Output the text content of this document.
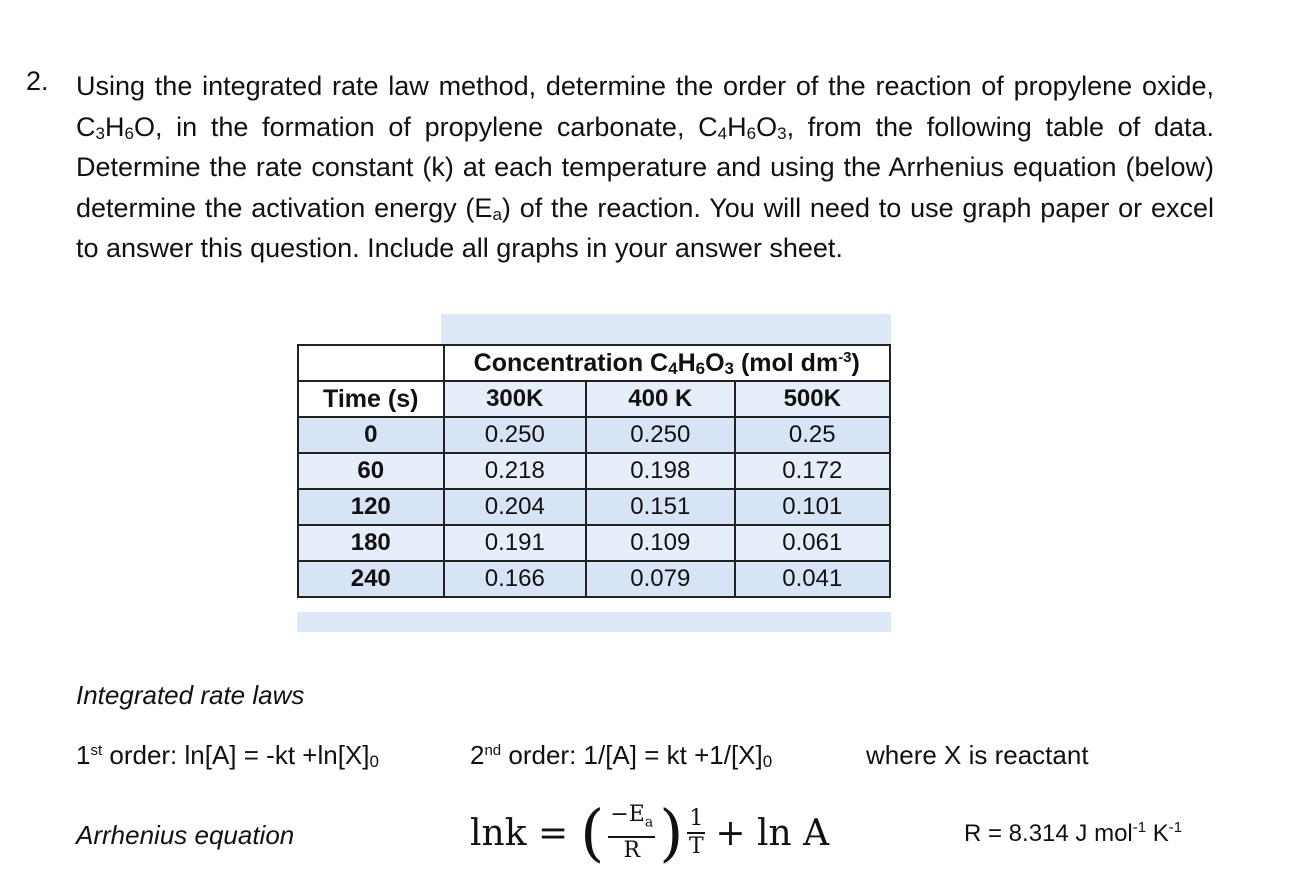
2. Using the integrated rate law method, determine the order of the reaction of propylene oxide, $C_3H_6O$, in the formation of propylene carbonate, $C_4H_6O_3$, from the following table of data. Determine the rate constant (k) at each temperature and using the Arrhenius equation (below) determine the activation energy $(E_a)$ of the reaction. You will need to use graph paper or excel to answer this question. Include all graphs in your answer sheet.

	Concentration $C_4H_6O_3$ (mol $dm^{-3}$)		
Time (s)	300K	400 K	500K
0	0.250	0.250	0.25
60	0.218	0.198	0.172
120	0.204	0.151	0.101
180	0.191	0.109	0.061
240	0.166	0.079	0.041
Integrated rate laws
1st order: $\ln[A] = -kt +\ln[X]_0$	2nd order: 1/[A] = kt $+1/[X]_0$	where X is reactant
Arrhenius equation	lnk = ( $\frac{-E_a}{R}$ ) $\frac{1}{T} + \ln A$	R = 8.314 J mol$^{-1}$ $K^{-1}$
